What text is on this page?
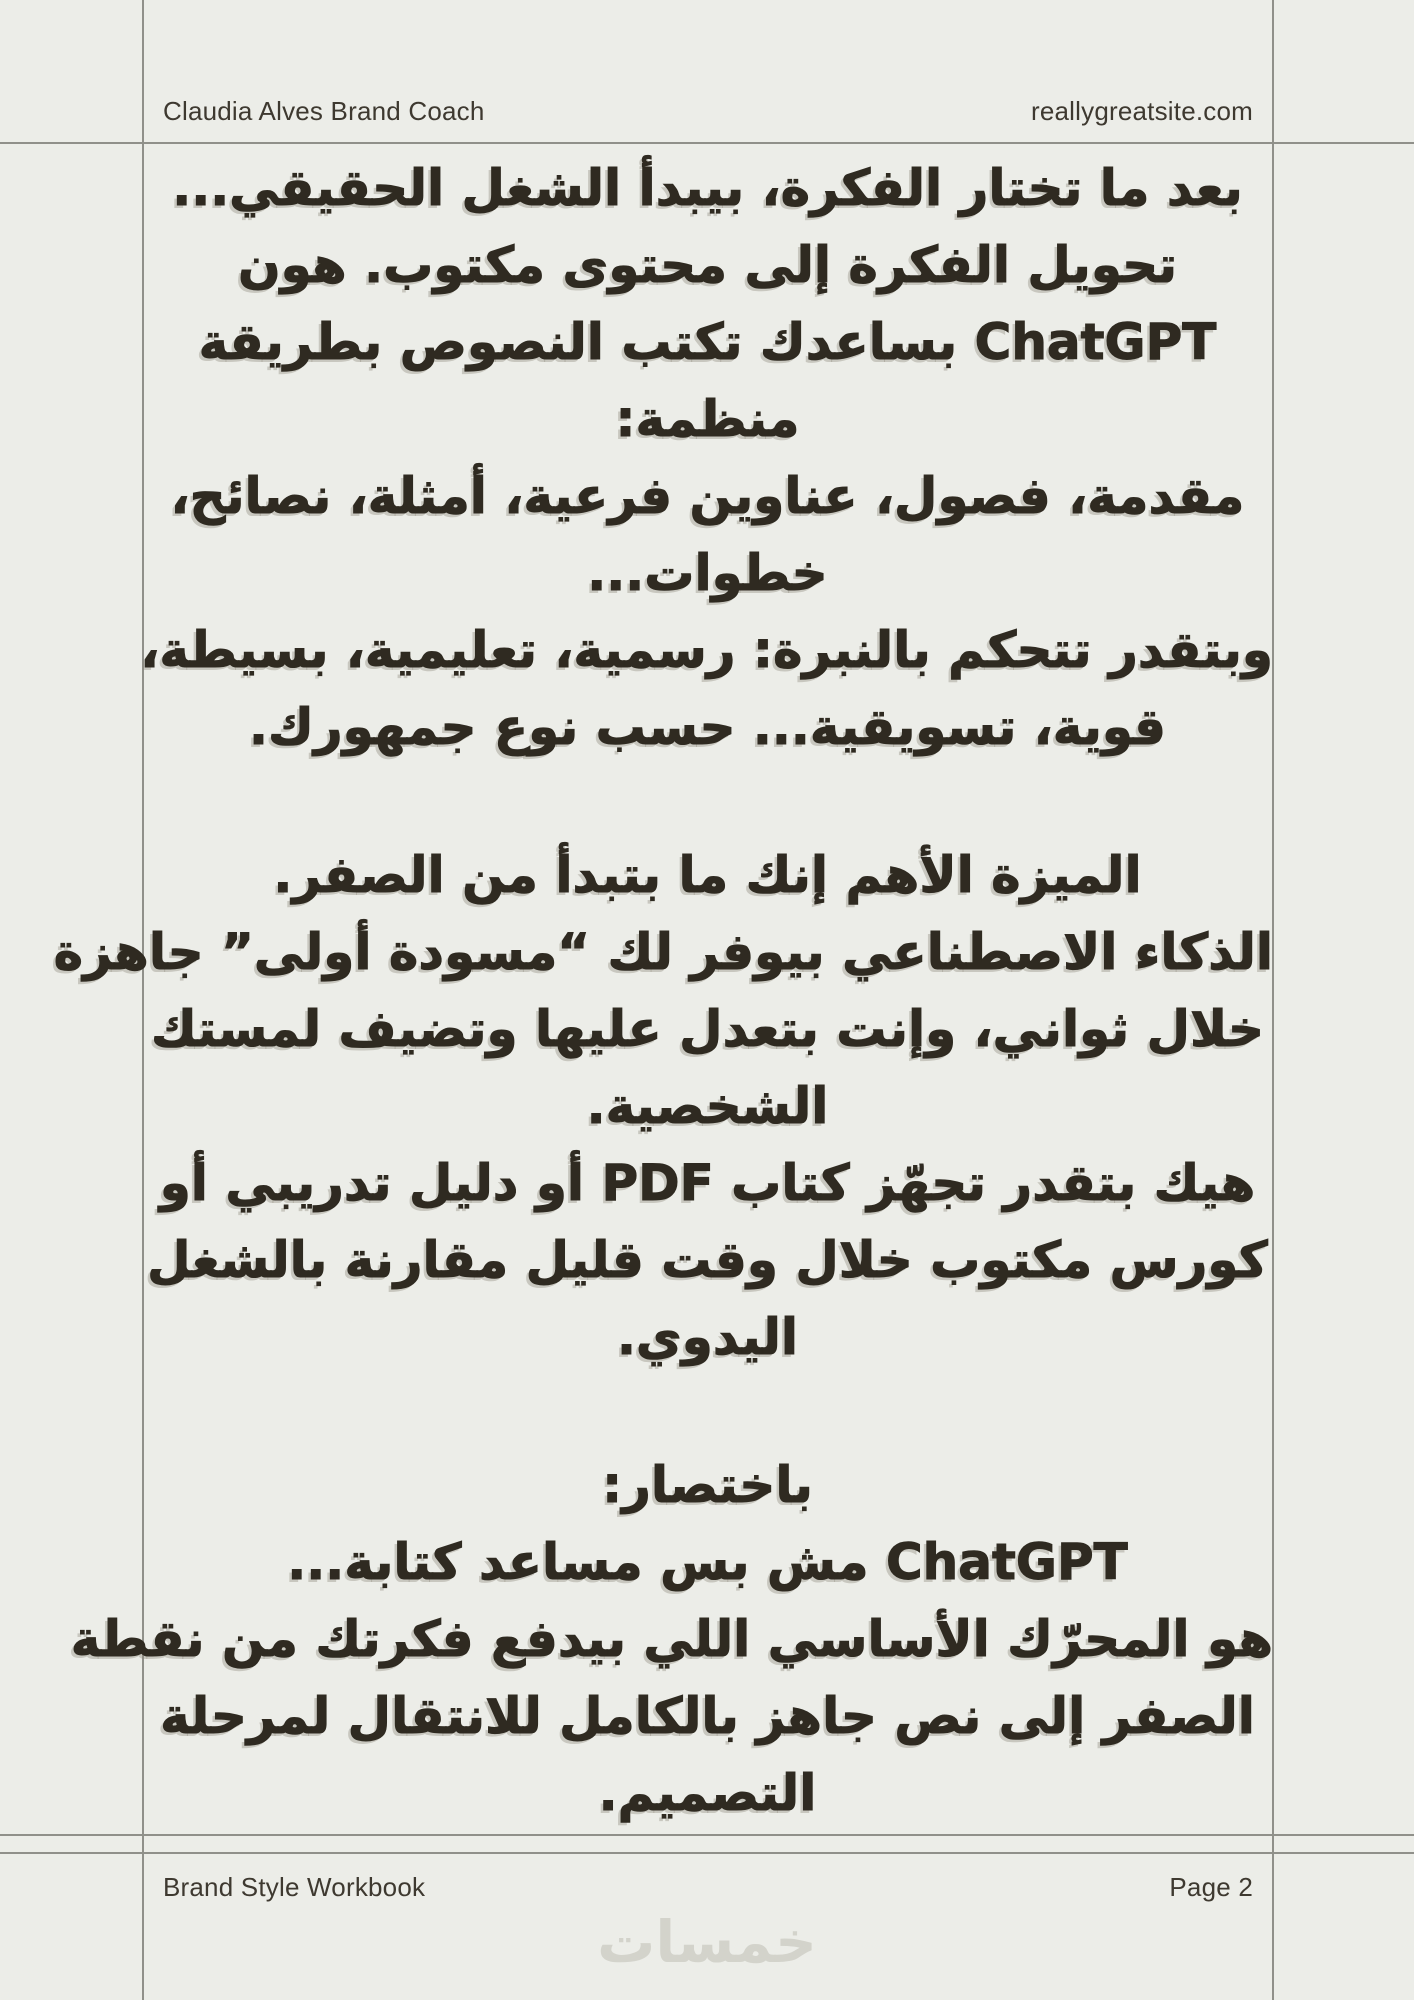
Claudia Alves Brand Coach	reallygreatsite.com
بعد ما تختار الفكرة، بيبدأ الشغل الحقيقي...
تحويل الفكرة إلى محتوى مكتوب. هون
ChatGPT بساعدك تكتب النصوص بطريقة
منظمة:
مقدمة، فصول، عناوين فرعية، أمثلة، نصائح،
خطوات...
وبتقدر تتحكم بالنبرة: رسمية، تعليمية، بسيطة،
قوية، تسويقية... حسب نوع جمهورك.
الميزة الأهم إنك ما بتبدأ من الصفر.
الذكاء الاصطناعي بيوفر لك “مسودة أولى” جاهزة
خلال ثواني، وإنت بتعدل عليها وتضيف لمستك
الشخصية.
هيك بتقدر تجهّز كتاب PDF أو دليل تدريبي أو
كورس مكتوب خلال وقت قليل مقارنة بالشغل
اليدوي.
باختصار:
ChatGPT مش بس مساعد كتابة...
هو المحرّك الأساسي اللي بيدفع فكرتك من نقطة
الصفر إلى نص جاهز بالكامل للانتقال لمرحلة
التصميم.
Brand Style Workbook	Page 2
خمسات
